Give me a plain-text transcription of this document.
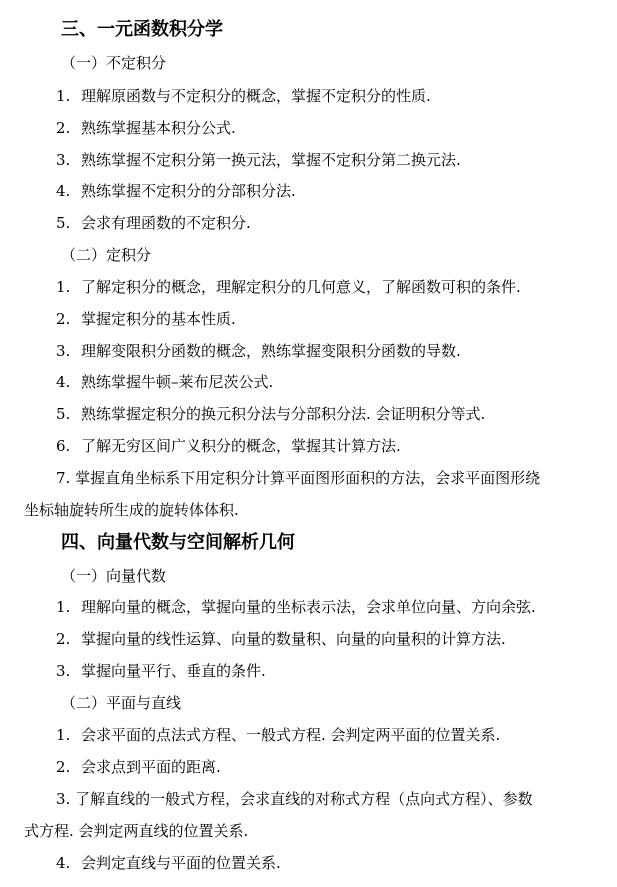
三、一元函数积分学
（一）不定积分
1. 理解原函数与不定积分的概念，掌握不定积分的性质.
2. 熟练掌握基本积分公式.
3. 熟练掌握不定积分第一换元法，掌握不定积分第二换元法.
4. 熟练掌握不定积分的分部积分法.
5. 会求有理函数的不定积分.
（二）定积分
1. 了解定积分的概念，理解定积分的几何意义，了解函数可积的条件.
2. 掌握定积分的基本性质.
3. 理解变限积分函数的概念，熟练掌握变限积分函数的导数.
4. 熟练掌握牛顿–莱布尼茨公式.
5. 熟练掌握定积分的换元积分法与分部积分法. 会证明积分等式.
6. 了解无穷区间广义积分的概念，掌握其计算方法.
7. 掌握直角坐标系下用定积分计算平面图形面积的方法，会求平面图形绕
坐标轴旋转所生成的旋转体体积.
四、向量代数与空间解析几何
（一）向量代数
1. 理解向量的概念，掌握向量的坐标表示法，会求单位向量、方向余弦.
2. 掌握向量的线性运算、向量的数量积、向量的向量积的计算方法.
3. 掌握向量平行、垂直的条件.
（二）平面与直线
1. 会求平面的点法式方程、一般式方程. 会判定两平面的位置关系.
2. 会求点到平面的距离.
3. 了解直线的一般式方程，会求直线的对称式方程（点向式方程）、参数
式方程. 会判定两直线的位置关系.
4. 会判定直线与平面的位置关系.
